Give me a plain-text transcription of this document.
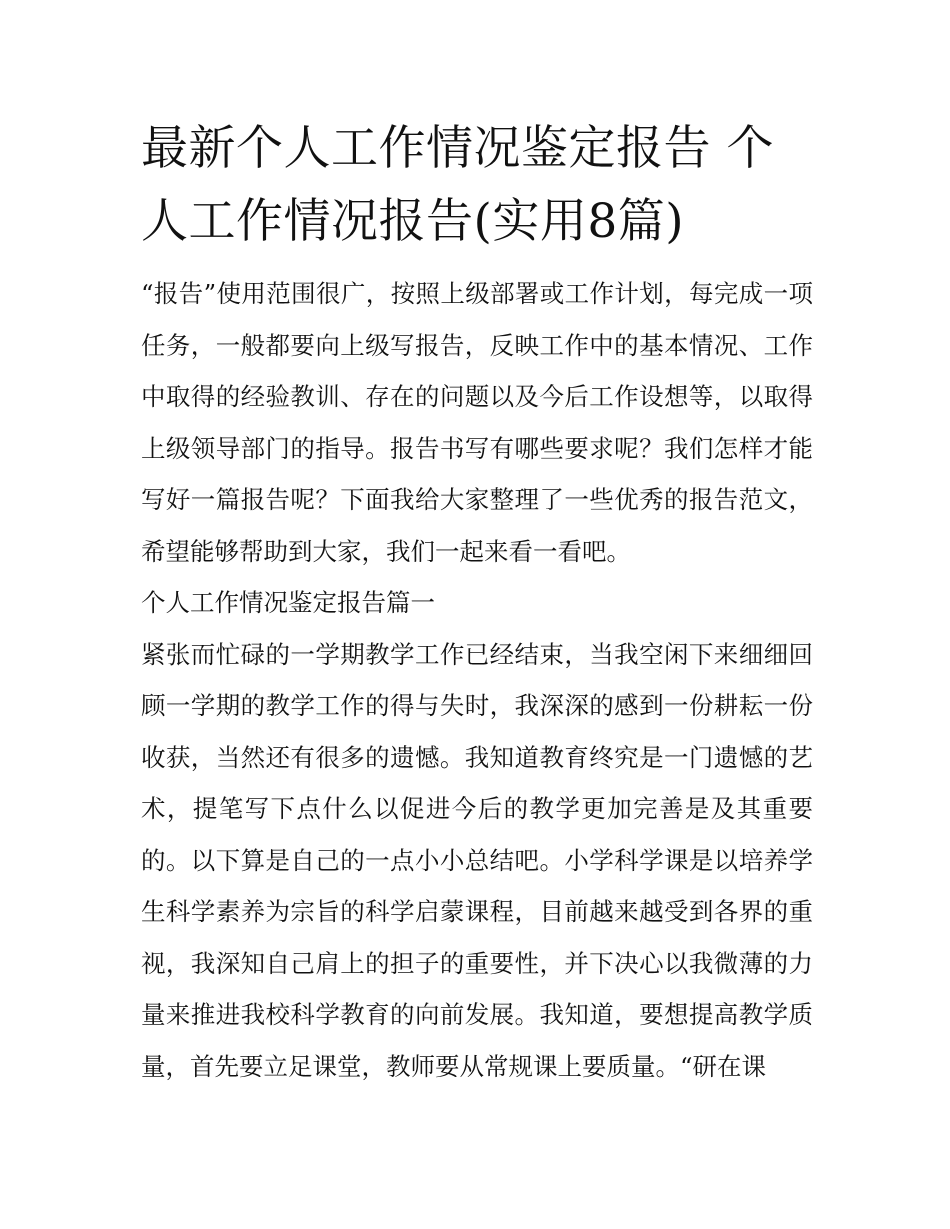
最新个人工作情况鉴定报告 个人工作情况报告(实用8篇)

“报告”使用范围很广，按照上级部署或工作计划，每完成一项任务，一般都要向上级写报告，反映工作中的基本情况、工作中取得的经验教训、存在的问题以及今后工作设想等，以取得上级领导部门的指导。报告书写有哪些要求呢？我们怎样才能写好一篇报告呢？下面我给大家整理了一些优秀的报告范文，希望能够帮助到大家，我们一起来看一看吧。

个人工作情况鉴定报告篇一

紧张而忙碌的一学期教学工作已经结束，当我空闲下来细细回顾一学期的教学工作的得与失时，我深深的感到一份耕耘一份收获，当然还有很多的遗憾。我知道教育终究是一门遗憾的艺术，提笔写下点什么以促进今后的教学更加完善是及其重要的。以下算是自己的一点小小总结吧。小学科学课是以培养学生科学素养为宗旨的科学启蒙课程，目前越来越受到各界的重视，我深知自己肩上的担子的重要性，并下决心以我微薄的力量来推进我校科学教育的向前发展。我知道，要想提高教学质量，首先要立足课堂，教师要从常规课上要质量。“研在课
